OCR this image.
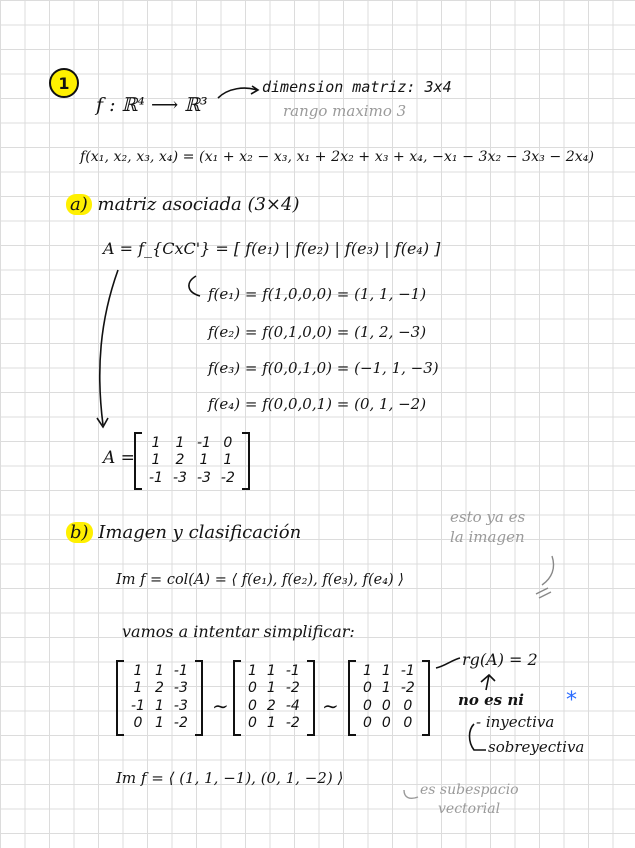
1
f : ℝ⁴ ⟶ ℝ³
dimension matriz: 3x4
rango maximo 3
f(x₁, x₂, x₃, x₄) = (x₁ + x₂ − x₃, x₁ + 2x₂ + x₃ + x₄, −x₁ − 3x₂ − 3x₃ − 2x₄)
a) matriz asociada (3×4)
A = f_{CxC'} = [ f(e₁) | f(e₂) | f(e₃) | f(e₄) ]
f(e₁) = f(1,0,0,0) = (1, 1, −1)
f(e₂) = f(0,1,0,0) = (1, 2, −3)
f(e₃) = f(0,0,1,0) = (−1, 1, −3)
f(e₄) = f(0,0,0,1) = (0, 1, −2)
A =
1	1	-1	0
1	2	1	1
-1	-3	-3	-2
b) Imagen y clasificación
esto ya es
la imagen
Im f = col(A) = ⟨ f(e₁), f(e₂), f(e₃), f(e₄) ⟩
vamos a intentar simplificar:
1	1	-1
1	2	-3
-1	1	-3
0	1	-2
∼
1	1	-1
0	1	-2
0	2	-4
0	1	-2
∼
1	1	-1
0	1	-2
0	0	0
0	0	0
rg(A) = 2
no es ni *
- inyectiva
sobreyectiva
Im f = ⟨ (1, 1, −1), (0, 1, −2) ⟩
es subespacio
vectorial
